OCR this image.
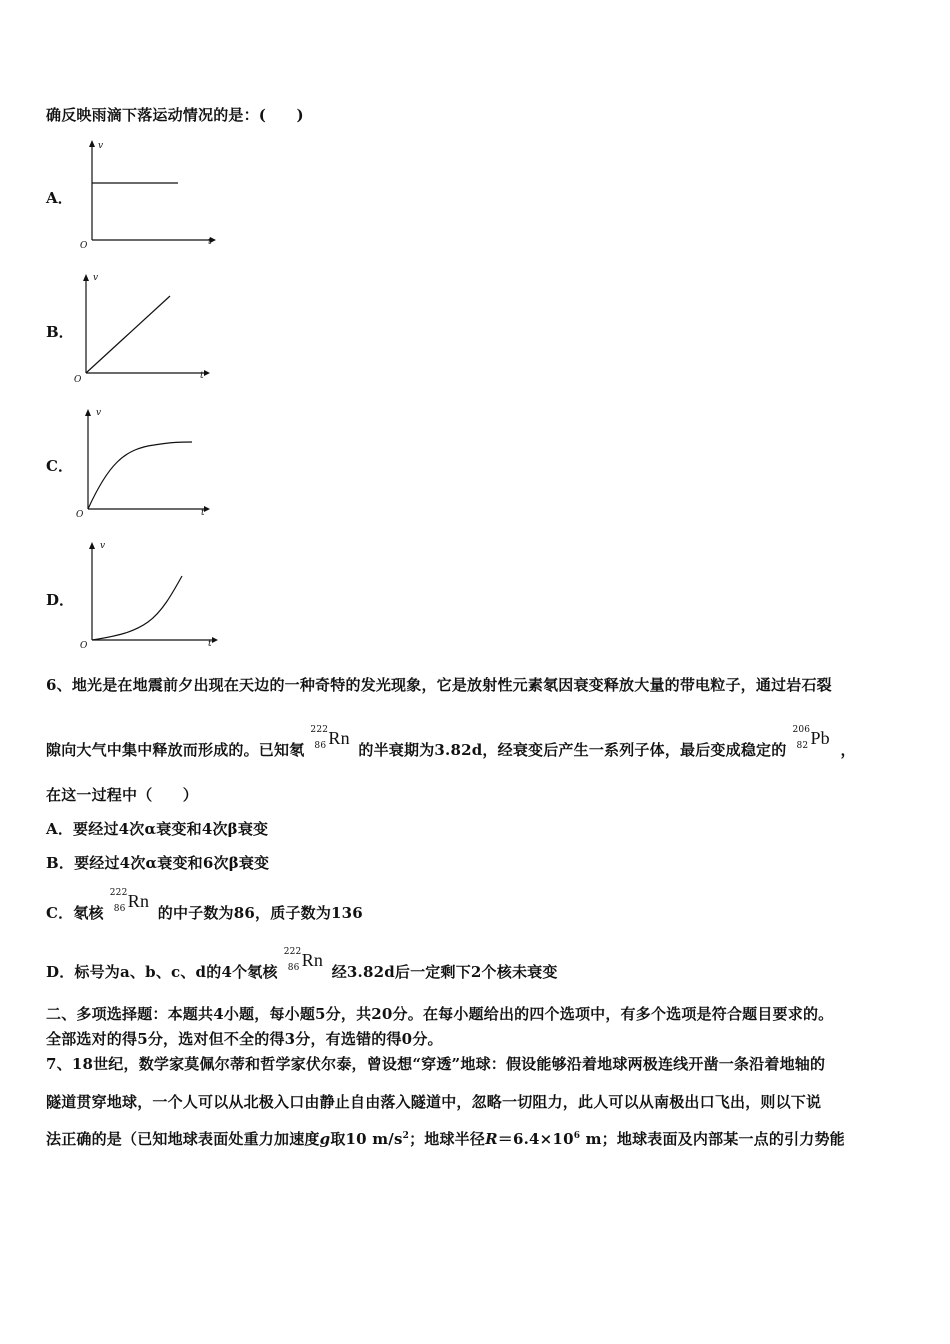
确反映雨滴下落运动情况的是：(　　)
A．
v
t
O
B．
v
t
O
C．
v
t
O
D．
v
t
O
6、地光是在地震前夕出现在天边的一种奇特的发光现象，它是放射性元素氡因衰变释放大量的带电粒子，通过岩石裂
隙向大气中集中释放而形成的。已知氡
222
86 Rn
的半衰期为3.82d，经衰变后产生一系列子体，最后变成稳定的
206
82 Pb
，
在这一过程中（　　）
A．要经过4次α衰变和4次β衰变
B．要经过4次α衰变和6次β衰变
C．氡核
222
86 Rn
的中子数为86，质子数为136
D．标号为a、b、c、d的4个氡核
222
86 Rn
经3.82d后一定剩下2个核未衰变
二、多项选择题：本题共4小题，每小题5分，共20分。在每小题给出的四个选项中，有多个选项是符合题目要求的。
全部选对的得5分，选对但不全的得3分，有选错的得0分。
7、18世纪，数学家莫佩尔蒂和哲学家伏尔泰，曾设想“穿透”地球：假设能够沿着地球两极连线开凿一条沿着地轴的
隧道贯穿地球，一个人可以从北极入口由静止自由落入隧道中，忽略一切阻力，此人可以从南极出口飞出，则以下说
法正确的是（已知地球表面处重力加速度g取10 $m/s^2$；地球半径$R=6.4\times 10^6$ m；地球表面及内部某一点的引力势能
